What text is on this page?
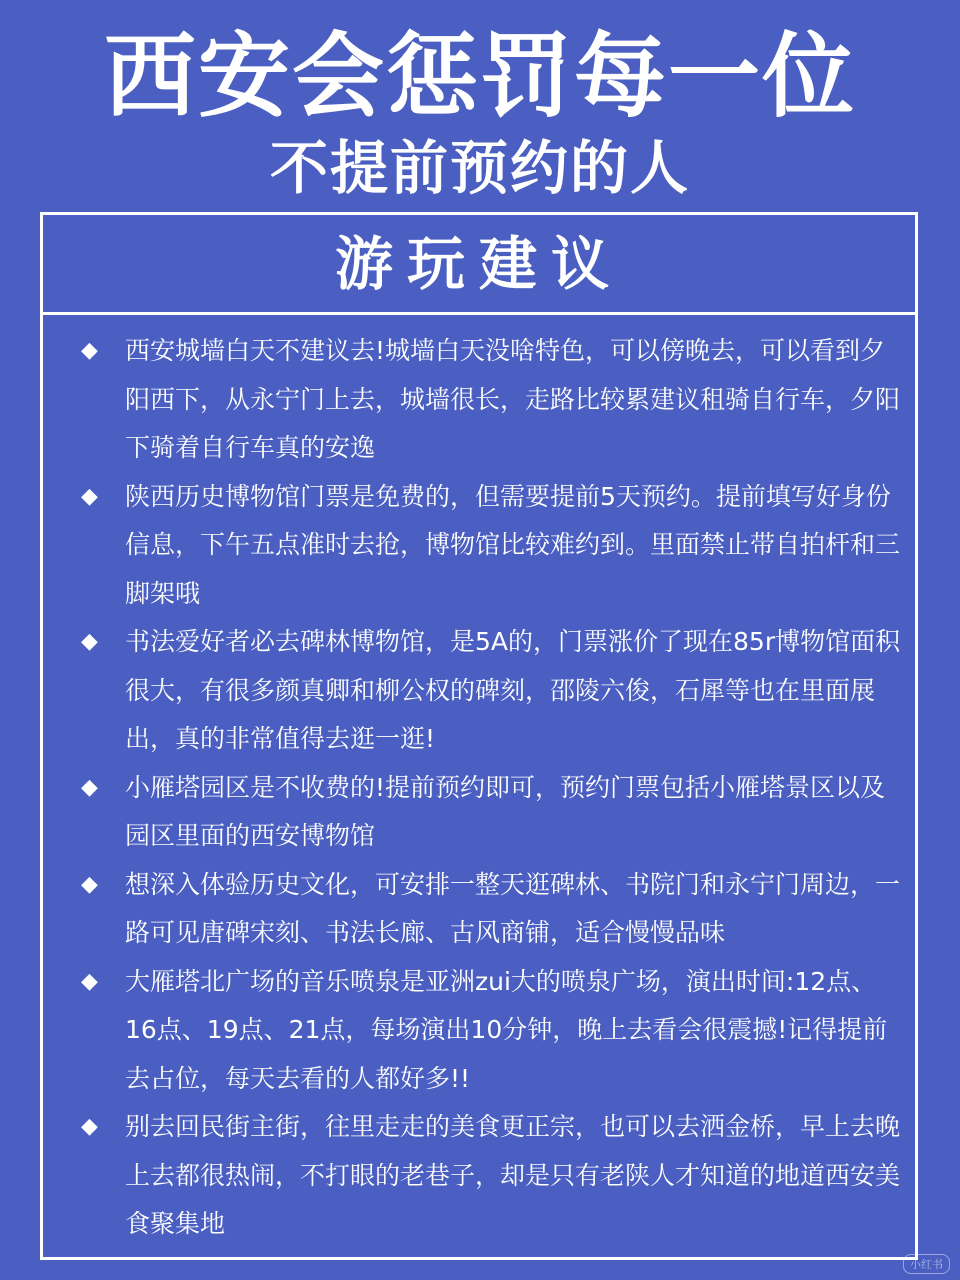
西安会惩罚每一位
不提前预约的人
游玩建议

◆ 西安城墙白天不建议去!城墙白天没啥特色，可以傍晚去，可以看到夕阳西下，从永宁门上去，城墙很长，走路比较累建议租骑自行车，夕阳下骑着自行车真的安逸

◆ 陕西历史博物馆门票是免费的，但需要提前5天预约。提前填写好身份信息，下午五点准时去抢，博物馆比较难约到。里面禁止带自拍杆和三脚架哦

◆ 书法爱好者必去碑林博物馆，是5A的，门票涨价了现在85r博物馆面积很大，有很多颜真卿和柳公权的碑刻，邵陵六俊，石犀等也在里面展出，真的非常值得去逛一逛!

◆ 小雁塔园区是不收费的!提前预约即可，预约门票包括小雁塔景区以及园区里面的西安博物馆

◆ 想深入体验历史文化，可安排一整天逛碑林、书院门和永宁门周边，一路可见唐碑宋刻、书法长廊、古风商铺，适合慢慢品味

◆ 大雁塔北广场的音乐喷泉是亚洲zui大的喷泉广场，演出时间:12点、16点、19点、21点，每场演出10分钟，晚上去看会很震撼!记得提前去占位，每天去看的人都好多!!

◆ 别去回民街主街，往里走走的美食更正宗，也可以去洒金桥，早上去晚上去都很热闹，不打眼的老巷子，却是只有老陕人才知道的地道西安美食聚集地

小红书
